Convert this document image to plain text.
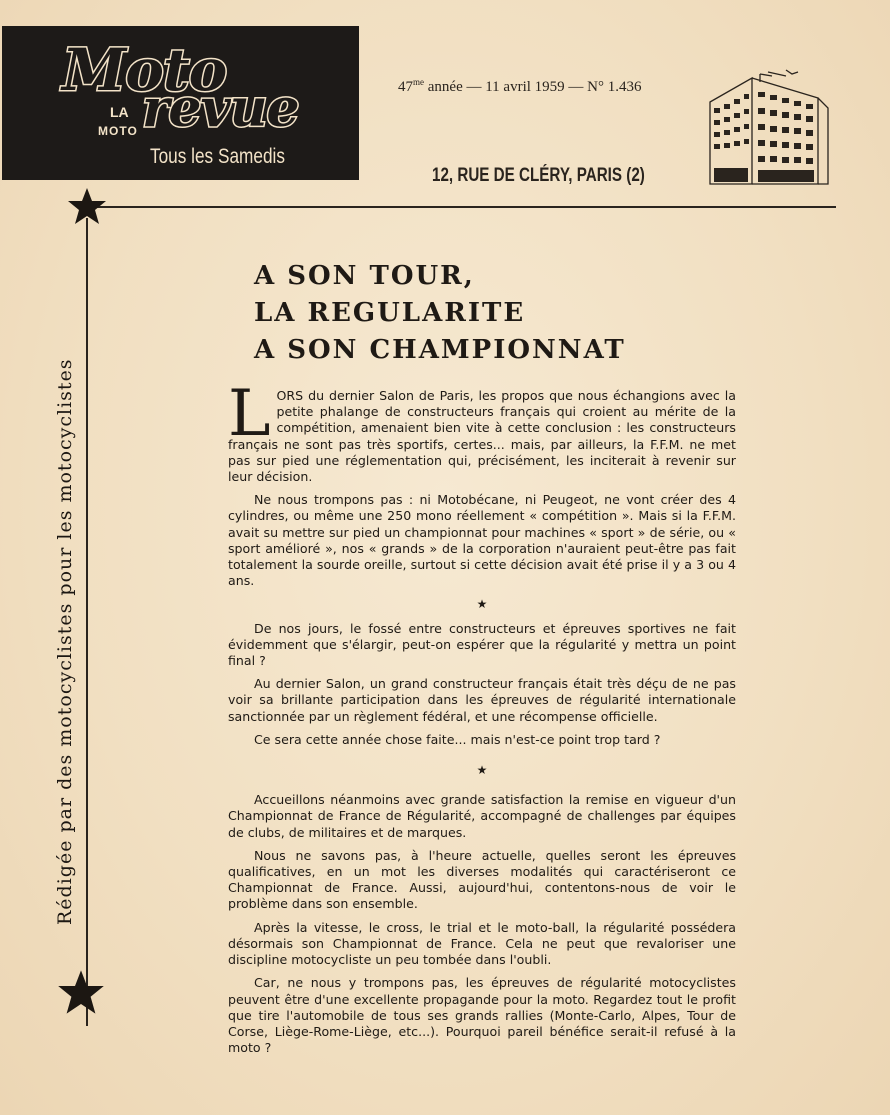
Moto
revue
LA
MOTO
Tous les Samedis
$47^{me}$ année — 11 avril 1959 — N° 1.436
12, RUE DE CLÉRY, PARIS (2)
Rédigée par des motocyclistes pour les motocyclistes
A SON TOUR,
LA REGULARITE
A SON CHAMPIONNAT

LORS du dernier Salon de Paris, les propos que nous échangions avec la petite phalange de constructeurs français qui croient au mérite de la compétition, amenaient bien vite à cette conclusion : les constructeurs français ne sont pas très sportifs, certes... mais, par ailleurs, la F.F.M. ne met pas sur pied une réglementation qui, précisément, les inciterait à revenir sur leur décision.

Ne nous trompons pas : ni Motobécane, ni Peugeot, ne vont créer des 4 cylindres, ou même une 250 mono réellement « compétition ». Mais si la F.F.M. avait su mettre sur pied un championnat pour machines « sport » de série, ou « sport amélioré », nos « grands » de la corporation n'auraient peut-être pas fait totalement la sourde oreille, surtout si cette décision avait été prise il y a 3 ou 4 ans.

★

De nos jours, le fossé entre constructeurs et épreuves sportives ne fait évidemment que s'élargir, peut-on espérer que la régularité y mettra un point final ?

Au dernier Salon, un grand constructeur français était très déçu de ne pas voir sa brillante participation dans les épreuves de régularité internationale sanctionnée par un règlement fédéral, et une récompense officielle.

Ce sera cette année chose faite... mais n'est-ce point trop tard ?

★

Accueillons néanmoins avec grande satisfaction la remise en vigueur d'un Championnat de France de Régularité, accompagné de challenges par équipes de clubs, de militaires et de marques.

Nous ne savons pas, à l'heure actuelle, quelles seront les épreuves qualificatives, en un mot les diverses modalités qui caractériseront ce Championnat de France. Aussi, aujourd'hui, contentons-nous de voir le problème dans son ensemble.

Après la vitesse, le cross, le trial et le moto-ball, la régularité possédera désormais son Championnat de France. Cela ne peut que revaloriser une discipline motocycliste un peu tombée dans l'oubli.

Car, ne nous y trompons pas, les épreuves de régularité motocyclistes peuvent être d'une excellente propagande pour la moto. Regardez tout le profit que tire l'automobile de tous ses grands rallies (Monte-Carlo, Alpes, Tour de Corse, Liège-Rome-Liège, etc...). Pourquoi pareil bénéfice serait-il refusé à la moto ?
